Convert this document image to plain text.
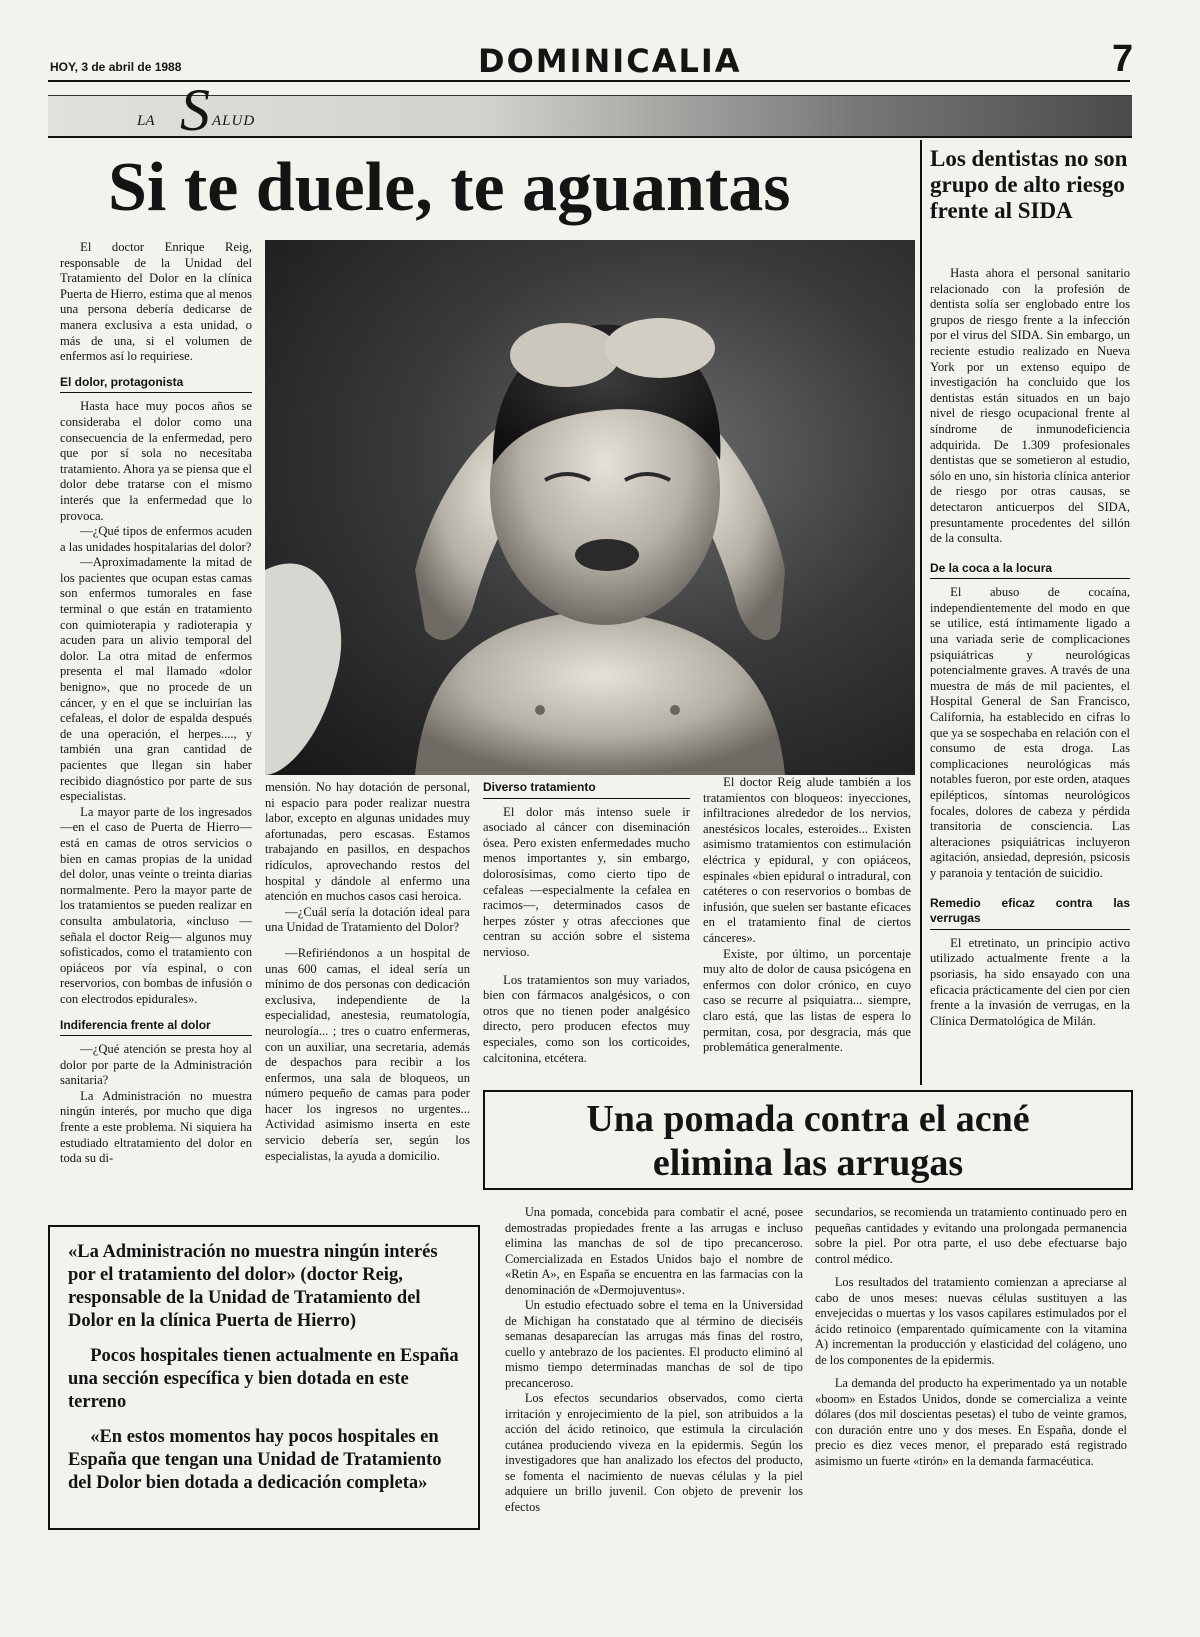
HOY, 3 de abril de 1988	DOMINICALIA	7
LA S ALUD
Si te duele, te aguantas

El doctor Enrique Reig, responsable de la Unidad del Tratamiento del Dolor en la clínica Puerta de Hierro, estima que al menos una persona debería dedicarse de manera exclusiva a esta unidad, o más de una, si el volumen de enfermos así lo requiriese.

El dolor, protagonista

Hasta hace muy pocos años se consideraba el dolor como una consecuencia de la enfermedad, pero que por sí sola no necesitaba tratamiento. Ahora ya se piensa que el dolor debe tratarse con el mismo interés que la enfermedad que lo provoca.

—¿Qué tipos de enfermos acuden a las unidades hospitalarias del dolor?

—Aproximadamente la mitad de los pacientes que ocupan estas camas son enfermos tumorales en fase terminal o que están en tratamiento con quimioterapia y radioterapia y acuden para un alivio temporal del dolor. La otra mitad de enfermos presenta el mal llamado «dolor benigno», que no procede de un cáncer, y en el que se incluirían las cefaleas, el dolor de espalda después de una operación, el herpes...., y también una gran cantidad de pacientes que llegan sin haber recibido diagnóstico por parte de sus especialistas.

La mayor parte de los ingresados —en el caso de Puerta de Hierro— está en camas de otros servicios o bien en camas propias de la unidad del dolor, unas veinte o treinta diarias normalmente. Pero la mayor parte de los tratamientos se pueden realizar en consulta ambulatoria, «incluso —señala el doctor Reig— algunos muy sofisticados, como el tratamiento con opiáceos por vía espinal, o con reservorios, con bombas de infusión o con electrodos epidurales».

Indiferencia frente al dolor

—¿Qué atención se presta hoy al dolor por parte de la Administración sanitaria?

La Administración no muestra ningún interés, por mucho que diga frente a este problema. Ni siquiera ha estudiado eltratamiento del dolor en toda su di-

mensión. No hay dotación de personal, ni espacio para poder realizar nuestra labor, excepto en algunas unidades muy afortunadas, pero escasas. Estamos trabajando en pasillos, en despachos ridículos, aprovechando restos del hospital y dándole al enfermo una atención en muchos casos casi heroica.

—¿Cuál sería la dotación ideal para una Unidad de Tratamiento del Dolor?

—Refiriéndonos a un hospital de unas 600 camas, el ideal sería un mínimo de dos personas con dedicación exclusiva, independiente de la especialidad, anestesia, reumatología, neurología... ; tres o cuatro enfermeras, con un auxiliar, una secretaria, además de despachos para recibir a los enfermos, una sala de bloqueos, un número pequeño de camas para poder hacer los ingresos no urgentes... Actividad asimismo inserta en este servicio debería ser, según los especialistas, la ayuda a domicilio.

Diverso tratamiento

El dolor más intenso suele ir asociado al cáncer con diseminación ósea. Pero existen enfermedades mucho menos importantes y, sin embargo, dolorosísimas, como cierto tipo de cefaleas —especialmente la cefalea en racimos—, determinados casos de herpes zóster y otras afecciones que centran su acción sobre el sistema nervioso.

Los tratamientos son muy variados, bien con fármacos analgésicos, o con otros que no tienen poder analgésico directo, pero producen efectos muy especiales, como son los corticoides, calcitonina, etcétera.

El doctor Reig alude también a los tratamientos con bloqueos: inyecciones, infiltraciones alrededor de los nervios, anestésicos locales, esteroides... Existen asimismo tratamientos con estimulación eléctrica y epidural, y con opiáceos, espinales «bien epidural o intradural, con catéteres o con reservorios o bombas de infusión, que suelen ser bastante eficaces en el tratamiento final de ciertos cánceres».

Existe, por último, un porcentaje muy alto de dolor de causa psicógena en enfermos con dolor crónico, en cuyo caso se recurre al psiquiatra... siempre, claro está, que las listas de espera lo permitan, cosa, por desgracia, más que problemática generalmente.

Los dentistas no son grupo de alto riesgo frente al SIDA

Hasta ahora el personal sanitario relacionado con la profesión de dentista solía ser englobado entre los grupos de riesgo frente a la infección por el virus del SIDA. Sin embargo, un reciente estudio realizado en Nueva York por un extenso equipo de investigación ha concluido que los dentistas están situados en un bajo nivel de riesgo ocupacional frente al síndrome de inmunodeficiencia adquirida. De 1.309 profesionales dentistas que se sometieron al estudio, sólo en uno, sin historia clínica anterior de riesgo por otras causas, se detectaron anticuerpos del SIDA, presuntamente procedentes del sillón de la consulta.

De la coca a la locura

El abuso de cocaína, independientemente del modo en que se utilice, está íntimamente ligado a una variada serie de complicaciones psiquiátricas y neurológicas potencialmente graves. A través de una muestra de más de mil pacientes, el Hospital General de San Francisco, California, ha establecido en cifras lo que ya se sospechaba en relación con el consumo de esta droga. Las complicaciones neurológicas más notables fueron, por este orden, ataques epilépticos, síntomas neurológicos focales, dolores de cabeza y pérdida transitoria de consciencia. Las alteraciones psiquiátricas incluyeron agitación, ansiedad, depresión, psicosis y paranoia y tentación de suicidio.

Remedio eficaz contra las verrugas

El etretinato, un principio activo utilizado actualmente frente a la psoriasis, ha sido ensayado con una eficacia prácticamente del cien por cien frente a la invasión de verrugas, en la Clínica Dermatológica de Milán.

«La Administración no muestra ningún interés por el tratamiento del dolor» (doctor Reig, responsable de la Unidad de Tratamiento del Dolor en la clínica Puerta de Hierro)

Pocos hospitales tienen actualmente en España una sección específica y bien dotada en este terreno

«En estos momentos hay pocos hospitales en España que tengan una Unidad de Tratamiento del Dolor bien dotada a dedicación completa»

Una pomada contra el acné
elimina las arrugas

Una pomada, concebida para combatir el acné, posee demostradas propiedades frente a las arrugas e incluso elimina las manchas de sol de tipo precanceroso. Comercializada en Estados Unidos bajo el nombre de «Retin A», en España se encuentra en las farmacias con la denominación de «Dermojuventus».

Un estudio efectuado sobre el tema en la Universidad de Michigan ha constatado que al término de dieciséis semanas desaparecían las arrugas más finas del rostro, cuello y antebrazo de los pacientes. El producto eliminó al mismo tiempo determinadas manchas de sol de tipo precanceroso.

Los efectos secundarios observados, como cierta irritación y enrojecimiento de la piel, son atribuidos a la acción del ácido retinoico, que estimula la circulación cutánea produciendo viveza en la epidermis. Según los investigadores que han analizado los efectos del producto, se fomenta el nacimiento de nuevas células y la piel adquiere un brillo juvenil. Con objeto de prevenir los efectos

secundarios, se recomienda un tratamiento continuado pero en pequeñas cantidades y evitando una prolongada permanencia sobre la piel. Por otra parte, el uso debe efectuarse bajo control médico.

Los resultados del tratamiento comienzan a apreciarse al cabo de unos meses: nuevas células sustituyen a las envejecidas o muertas y los vasos capilares estimulados por el ácido retinoico (emparentado químicamente con la vitamina A) incrementan la producción y elasticidad del colágeno, uno de los componentes de la epidermis.

La demanda del producto ha experimentado ya un notable «boom» en Estados Unidos, donde se comercializa a veinte dólares (dos mil doscientas pesetas) el tubo de veinte gramos, con duración entre uno y dos meses. En España, donde el precio es diez veces menor, el preparado está registrado asimismo un fuerte «tirón» en la demanda farmacéutica.
